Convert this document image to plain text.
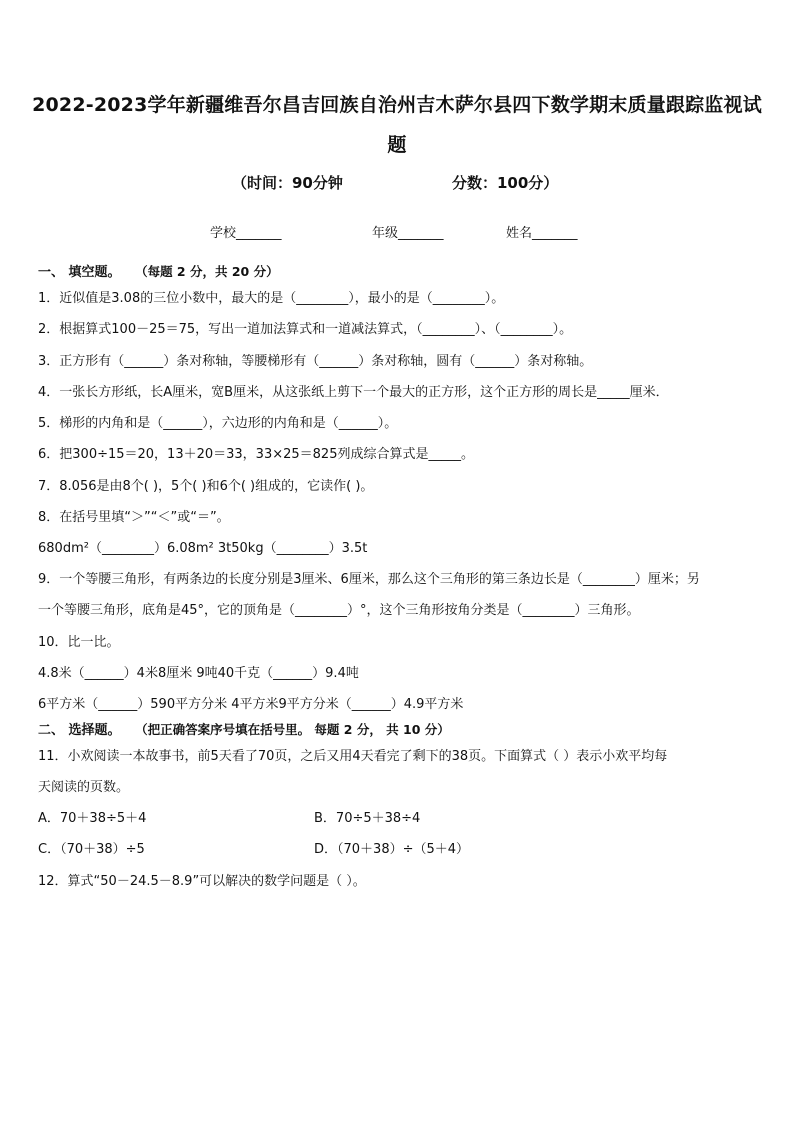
2022-2023学年新疆维吾尔昌吉回族自治州吉木萨尔县四下数学期末质量跟踪监视试
题
（时间：90分钟	分数：100分）
学校_______	年级_______	姓名_______
一、 填空题。 （每题 2 分，共 20 分）
1．近似值是3.08的三位小数中，最大的是（________），最小的是（________）。
2．根据算式100－25＝75，写出一道加法算式和一道减法算式，（________）、（________）。
3．正方形有（______）条对称轴，等腰梯形有（______）条对称轴，圆有（______）条对称轴。
4．一张长方形纸，长A厘米，宽B厘米，从这张纸上剪下一个最大的正方形，这个正方形的周长是_____厘米．
5．梯形的内角和是（______），六边形的内角和是（______）。
6．把300÷15＝20，13＋20＝33，33×25＝825列成综合算式是_____。
7．8.056是由8个( )，5个( )和6个( )组成的，它读作( )。
8．在括号里填“＞”“＜”或“＝”。
680dm²（________）6.08m² 3t50kg（________）3.5t
9．一个等腰三角形，有两条边的长度分别是3厘米、6厘米，那么这个三角形的第三条边长是（________）厘米；另
一个等腰三角形，底角是45°，它的顶角是（________）°，这个三角形按角分类是（________）三角形。
10．比一比。
4.8米（______）4米8厘米 9吨40千克（______）9.4吨
6平方米（______）590平方分米 4平方米9平方分米（______）4.9平方米
二、 选择题。 （把正确答案序号填在括号里。 每题 2 分， 共 10 分）
11．小欢阅读一本故事书，前5天看了70页，之后又用4天看完了剩下的38页。下面算式（ ）表示小欢平均每
天阅读的页数。
A．70＋38÷5＋4	B．70÷5＋38÷4
C．（70＋38）÷5	D．（70＋38）÷（5＋4）
12．算式“50－24.5－8.9”可以解决的数学问题是（ ）。
